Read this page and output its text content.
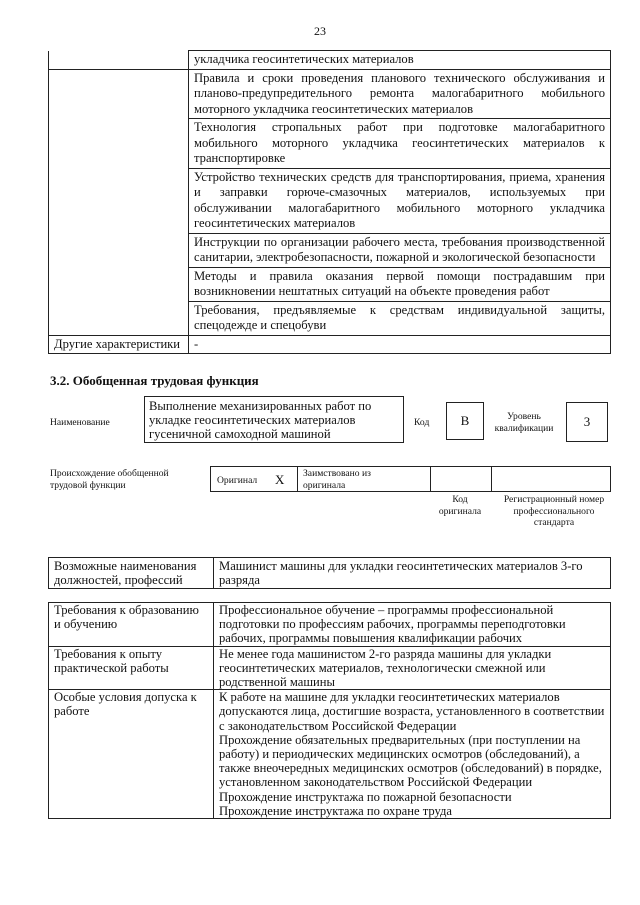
23
	укладчика геосинтетических материалов
	Правила и сроки проведения планового технического обслуживания и планово-предупредительного ремонта малогабаритного мобильного моторного укладчика геосинтетических материалов
	Технология стропальных работ при подготовке малогабаритного мобильного моторного укладчика геосинтетических материалов к транспортировке
	Устройство технических средств для транспортирования, приема, хранения и заправки горюче-смазочных материалов, используемых при обслуживании малогабаритного мобильного моторного укладчика геосинтетических материалов
	Инструкции по организации рабочего места, требования производственной санитарии, электробезопасности, пожарной и экологической безопасности
	Методы и правила оказания первой помощи пострадавшим при возникновении нештатных ситуаций на объекте проведения работ
	Требования, предъявляемые к средствам индивидуальной защиты, спецодежде и спецобуви
Другие характеристики	-
3.2. Обобщенная трудовая функция
Наименование
Выполнение механизированных работ по укладке геосинтетических материалов гусеничной самоходной машиной
Код	B	Уровень квалификации	3
Происхождение обобщенной трудовой функции	Оригинал X Заимствовано из оригинала
Код оригинала
Регистрационный номер профессионального стандарта
Возможные наименования должностей, профессий	Машинист машины для укладки геосинтетических материалов 3-го разряда
Требования к образованию и обучению	Профессиональное обучение – программы профессиональной подготовки по профессиям рабочих, программы переподготовки рабочих, программы повышения квалификации рабочих

Требования к опыту практической работы	Не менее года машинистом 2-го разряда машины для укладки геосинтетических материалов, технологически смежной или родственной машины

Особые условия допуска к работе	К работе на машине для укладки геосинтетических материалов допускаются лица, достигшие возраста, установленного в соответствии с законодательством Российской Федерации
Прохождение обязательных предварительных (при поступлении на работу) и периодических медицинских осмотров (обследований), а также внеочередных медицинских осмотров (обследований) в порядке, установленном законодательством Российской Федерации
Прохождение инструктажа по пожарной безопасности
Прохождение инструктажа по охране труда
